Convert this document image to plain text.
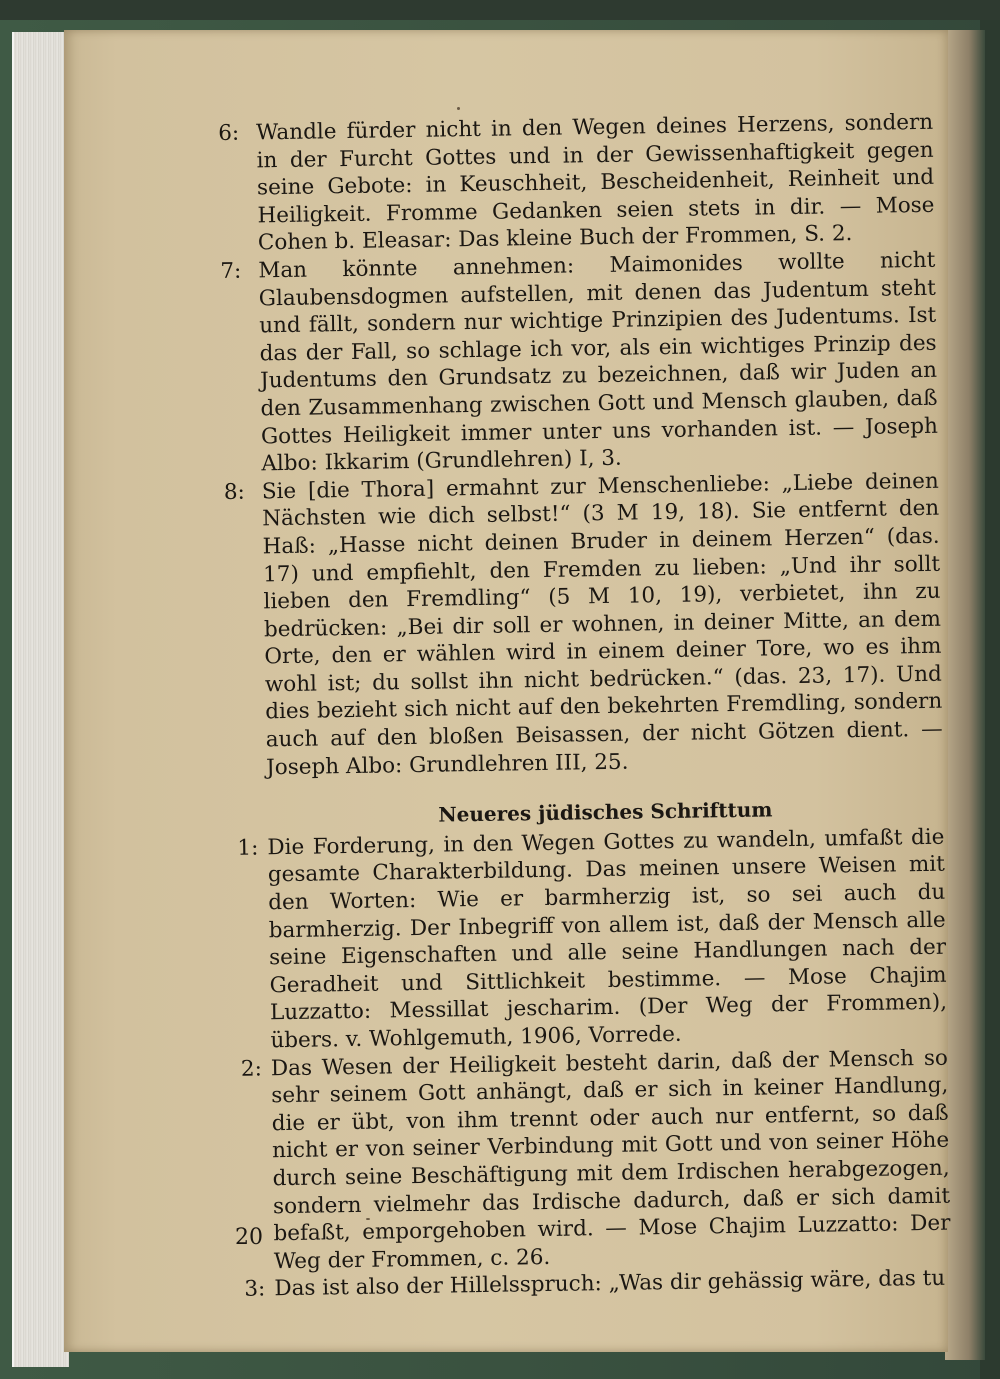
6: Wandle fürder nicht in den Wegen deines Herzens, sondern in der Furcht Gottes und in der Gewissenhaftigkeit gegen seine Gebote: in Keuschheit, Bescheidenheit, Reinheit und Heiligkeit. Fromme Gedanken seien stets in dir. — Mose Cohen b. Eleasar: Das kleine Buch der Frommen, S. 2.
7: Man könnte annehmen: Maimonides wollte nicht Glaubensdogmen aufstellen, mit denen das Judentum steht und fällt, sondern nur wichtige Prinzipien des Judentums. Ist das der Fall, so schlage ich vor, als ein wichtiges Prinzip des Judentums den Grundsatz zu bezeichnen, daß wir Juden an den Zusammenhang zwischen Gott und Mensch glauben, daß Gottes Heiligkeit immer unter uns vorhanden ist. — Joseph Albo: Ikkarim (Grundlehren) I, 3.
8: Sie [die Thora] ermahnt zur Menschenliebe: „Liebe deinen Nächsten wie dich selbst!“ (3 M 19, 18). Sie entfernt den Haß: „Hasse nicht deinen Bruder in deinem Herzen“ (das. 17) und empfiehlt, den Fremden zu lieben: „Und ihr sollt lieben den Fremdling“ (5 M 10, 19), verbietet, ihn zu bedrücken: „Bei dir soll er wohnen, in deiner Mitte, an dem Orte, den er wählen wird in einem deiner Tore, wo es ihm wohl ist; du sollst ihn nicht bedrücken.“ (das. 23, 17). Und dies bezieht sich nicht auf den bekehrten Fremdling, sondern auch auf den bloßen Beisassen, der nicht Götzen dient. — Joseph Albo: Grundlehren III, 25.
Neueres jüdisches Schrifttum
1: Die Forderung, in den Wegen Gottes zu wandeln, umfaßt die gesamte Charakterbildung. Das meinen unsere Weisen mit den Worten: Wie er barmherzig ist, so sei auch du barmherzig. Der Inbegriff von allem ist, daß der Mensch alle seine Eigenschaften und alle seine Handlungen nach der Geradheit und Sittlichkeit bestimme. — Mose Chajim Luzzatto: Messillat jescharim. (Der Weg der Frommen), übers. v. Wohlgemuth, 1906, Vorrede.
2: Das Wesen der Heiligkeit besteht darin, daß der Mensch so sehr seinem Gott anhängt, daß er sich in keiner Handlung, die er übt, von ihm trennt oder auch nur entfernt, so daß nicht er von seiner Verbindung mit Gott und von seiner Höhe durch seine Beschäftigung mit dem Irdischen herabgezogen, sondern vielmehr das Irdische dadurch, daß er sich damit befaßt, emporgehoben wird. — Mose Chajim Luzzatto: Der Weg der Frommen, c. 26.
3: Das ist also der Hillelsspruch: „Was dir gehässig wäre, das tu
20
